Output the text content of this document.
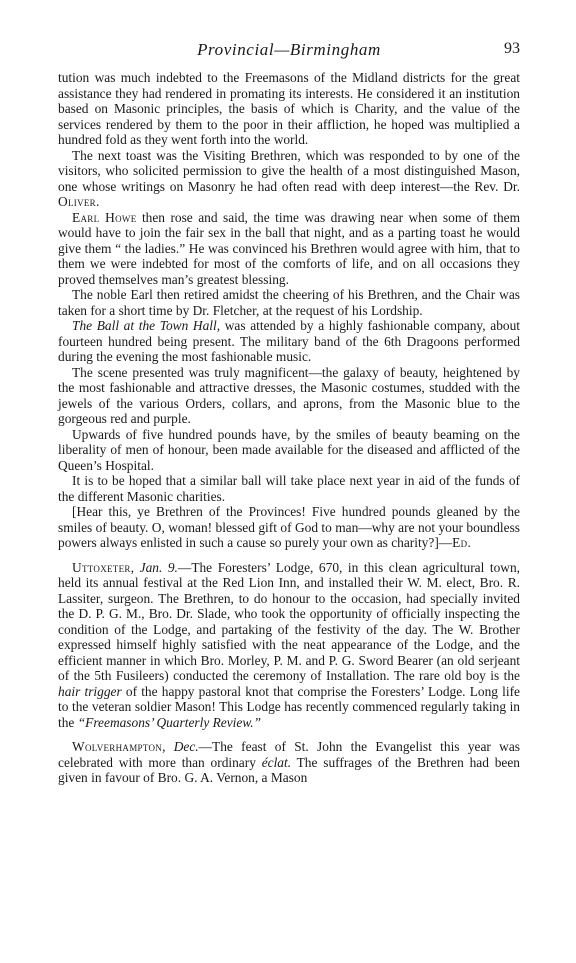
Provincial—Birmingham	93

tution was much indebted to the Freemasons of the Midland districts for the great assistance they had rendered in promating its interests. He considered it an institution based on Masonic principles, the basis of which is Charity, and the value of the services rendered by them to the poor in their affliction, he hoped was multiplied a hundred fold as they went forth into the world.

The next toast was the Visiting Brethren, which was responded to by one of the visitors, who solicited permission to give the health of a most distinguished Mason, one whose writings on Masonry he had often read with deep interest—the Rev. Dr. Oliver.

Earl Howe then rose and said, the time was drawing near when some of them would have to join the fair sex in the ball that night, and as a parting toast he would give them “ the ladies.” He was convinced his Brethren would agree with him, that to them we were indebted for most of the comforts of life, and on all occasions they proved themselves man’s greatest blessing.

The noble Earl then retired amidst the cheering of his Brethren, and the Chair was taken for a short time by Dr. Fletcher, at the request of his Lordship.

The Ball at the Town Hall, was attended by a highly fashionable company, about fourteen hundred being present. The military band of the 6th Dragoons performed during the evening the most fashionable music.

The scene presented was truly magnificent—the galaxy of beauty, heightened by the most fashionable and attractive dresses, the Masonic costumes, studded with the jewels of the various Orders, collars, and aprons, from the Masonic blue to the gorgeous red and purple.

Upwards of five hundred pounds have, by the smiles of beauty beaming on the liberality of men of honour, been made available for the diseased and afflicted of the Queen’s Hospital.

It is to be hoped that a similar ball will take place next year in aid of the funds of the different Masonic charities.

[Hear this, ye Brethren of the Provinces! Five hundred pounds gleaned by the smiles of beauty. O, woman! blessed gift of God to man—why are not your boundless powers always enlisted in such a cause so purely your own as charity?]—Ed.

Uttoxeter, Jan. 9.—The Foresters’ Lodge, 670, in this clean agricultural town, held its annual festival at the Red Lion Inn, and installed their W. M. elect, Bro. R. Lassiter, surgeon. The Brethren, to do honour to the occasion, had specially invited the D. P. G. M., Bro. Dr. Slade, who took the opportunity of officially inspecting the condition of the Lodge, and partaking of the festivity of the day. The W. Brother expressed himself highly satisfied with the neat appearance of the Lodge, and the efficient manner in which Bro. Morley, P. M. and P. G. Sword Bearer (an old serjeant of the 5th Fusileers) conducted the ceremony of Installation. The rare old boy is the hair trigger of the happy pastoral knot that comprise the Foresters’ Lodge. Long life to the veteran soldier Mason! This Lodge has recently commenced regularly taking in the “Freemasons’ Quarterly Review.”

Wolverhampton, Dec.—The feast of St. John the Evangelist this year was celebrated with more than ordinary éclat. The suffrages of the Brethren had been given in favour of Bro. G. A. Vernon, a Mason
